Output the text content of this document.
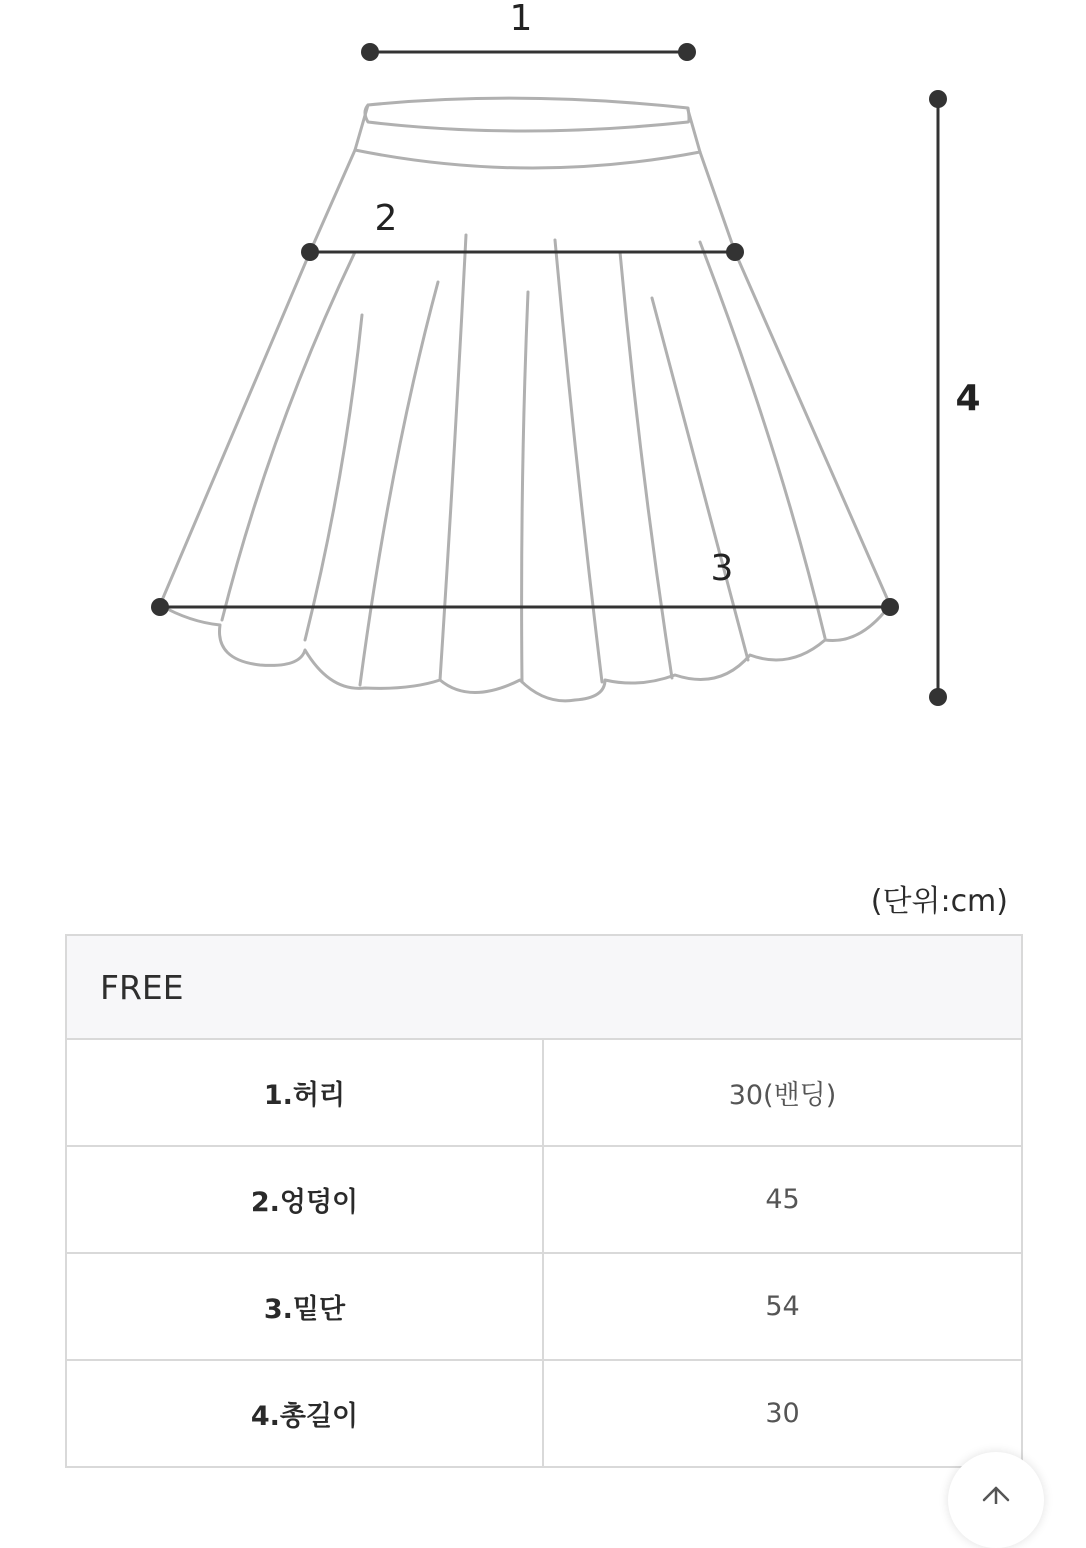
1
2
3
4
(단위:cm)
FREE	
1.허리	30(밴딩)
2.엉덩이	45
3.밑단	54
4.총길이	30
